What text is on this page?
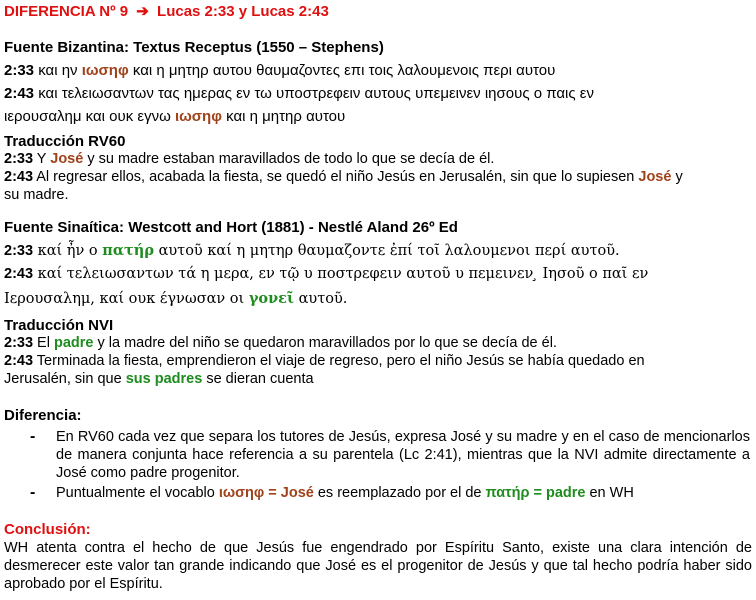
DIFERENCIA Nº 9 ➔ Lucas 2:33 y Lucas 2:43
Fuente Bizantina: Textus Receptus (1550 – Stephens)
2:33 και ην ιωσηφ και η μητηρ αυτου θαυμαζοντες επι τοις λαλουμενοις περι αυτου
2:43 και τελειωσαντων τας ημερας εν τω υποστρεφειν αυτους υπεμεινεν ιησους ο παις εν
ιερουσαλημ και ουκ εγνω ιωσηφ και η μητηρ αυτου
Traducción RV60
2:33 Y José y su madre estaban maravillados de todo lo que se decía de él.
2:43 Al regresar ellos, acabada la fiesta, se quedó el niño Jesús en Jerusalén, sin que lo supiesen José y
su madre.
Fuente Sinaítica: Westcott and Hort (1881) - Nestlé Aland 26º Ed
2:33 καί ἦν ο πατήρ αυτοῦ καί η μητηρ θαυμαζοντε ἐπί τοῖ λαλουμενοι περί αυτοῦ.
2:43 καί τελειωσαντων τά η μερα, εν τῷ υ ποστρεφειν αυτοῦ υ πεμεινεν ̧ Iησοῦ ο παῖ εν
Ιερουσαλημ, καί ουκ έγνωσαν οι γονεῖ αυτοῦ.
Traducción NVI
2:33 El padre y la madre del niño se quedaron maravillados por lo que se decía de él.
2:43 Terminada la fiesta, emprendieron el viaje de regreso, pero el niño Jesús se había quedado en
Jerusalén, sin que sus padres se dieran cuenta
Diferencia:
- En RV60 cada vez que separa los tutores de Jesús, expresa José y su madre y en el caso de mencionarlos de manera conjunta hace referencia a su parentela (Lc 2:41), mientras que la NVI admite directamente a José como padre progenitor.
- Puntualmente el vocablo ιωσηφ = José es reemplazado por el de πατήρ = padre en WH
Conclusión:
WH atenta contra el hecho de que Jesús fue engendrado por Espíritu Santo, existe una clara intención de desmerecer este valor tan grande indicando que José es el progenitor de Jesús y que tal hecho podría haber sido aprobado por el Espíritu.
